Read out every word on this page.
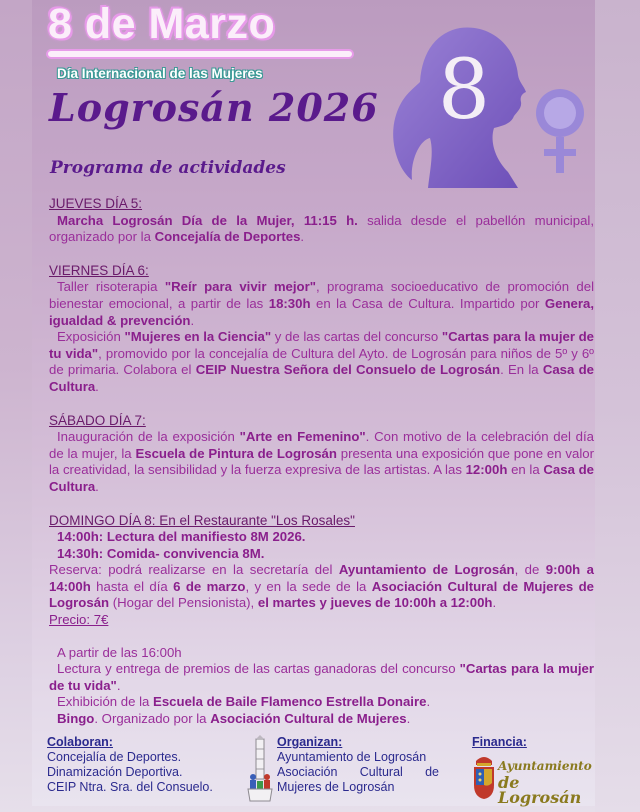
8 de Marzo
Día Internacional de las Mujeres
Logrosán 2026
Programa de actividades
8
JUEVES DÍA 5:

Marcha Logrosán Día de la Mujer, 11:15 h. salida desde el pabellón municipal, organizado por la Concejalía de Deportes.

VIERNES DÍA 6:

Taller risoterapia "Reír para vivir mejor", programa socioeducativo de promoción del bienestar emocional, a partir de las 18:30h en la Casa de Cultura. Impartido por Genera, igualdad & prevención.

Exposición "Mujeres en la Ciencia" y de las cartas del concurso "Cartas para la mujer de tu vida", promovido por la concejalía de Cultura del Ayto. de Logrosán para niños de 5º y 6º de primaria. Colabora el CEIP Nuestra Señora del Consuelo de Logrosán. En la Casa de Cultura.

SÁBADO DÍA 7:

Inauguración de la exposición "Arte en Femenino". Con motivo de la celebración del día de la mujer, la Escuela de Pintura de Logrosán presenta una exposición que pone en valor la creatividad, la sensibilidad y la fuerza expresiva de las artistas. A las 12:00h en la Casa de Cultura.

DOMINGO DÍA 8: En el Restaurante "Los Rosales"

14:00h: Lectura del manifiesto 8M 2026.

14:30h: Comida- convivencia 8M.

Reserva: podrá realizarse en la secretaría del Ayuntamiento de Logrosán, de 9:00h a 14:00h hasta el día 6 de marzo, y en la sede de la Asociación Cultural de Mujeres de Logrosán (Hogar del Pensionista), el martes y jueves de 10:00h a 12:00h.

Precio: 7€

A partir de las 16:00h

Lectura y entrega de premios de las cartas ganadoras del concurso "Cartas para la mujer de tu vida".

Exhibición de la Escuela de Baile Flamenco Estrella Donaire.

Bingo. Organizado por la Asociación Cultural de Mujeres.

Colaboran:
Concejalía de Deportes.
Dinamización Deportiva.
CEIP Ntra. Sra. del Consuelo.
Organizan:
Ayuntamiento de Logrosán
Asociación Cultural de Mujeres de Logrosán
Financia:
Ayuntamiento
de Logrosán
